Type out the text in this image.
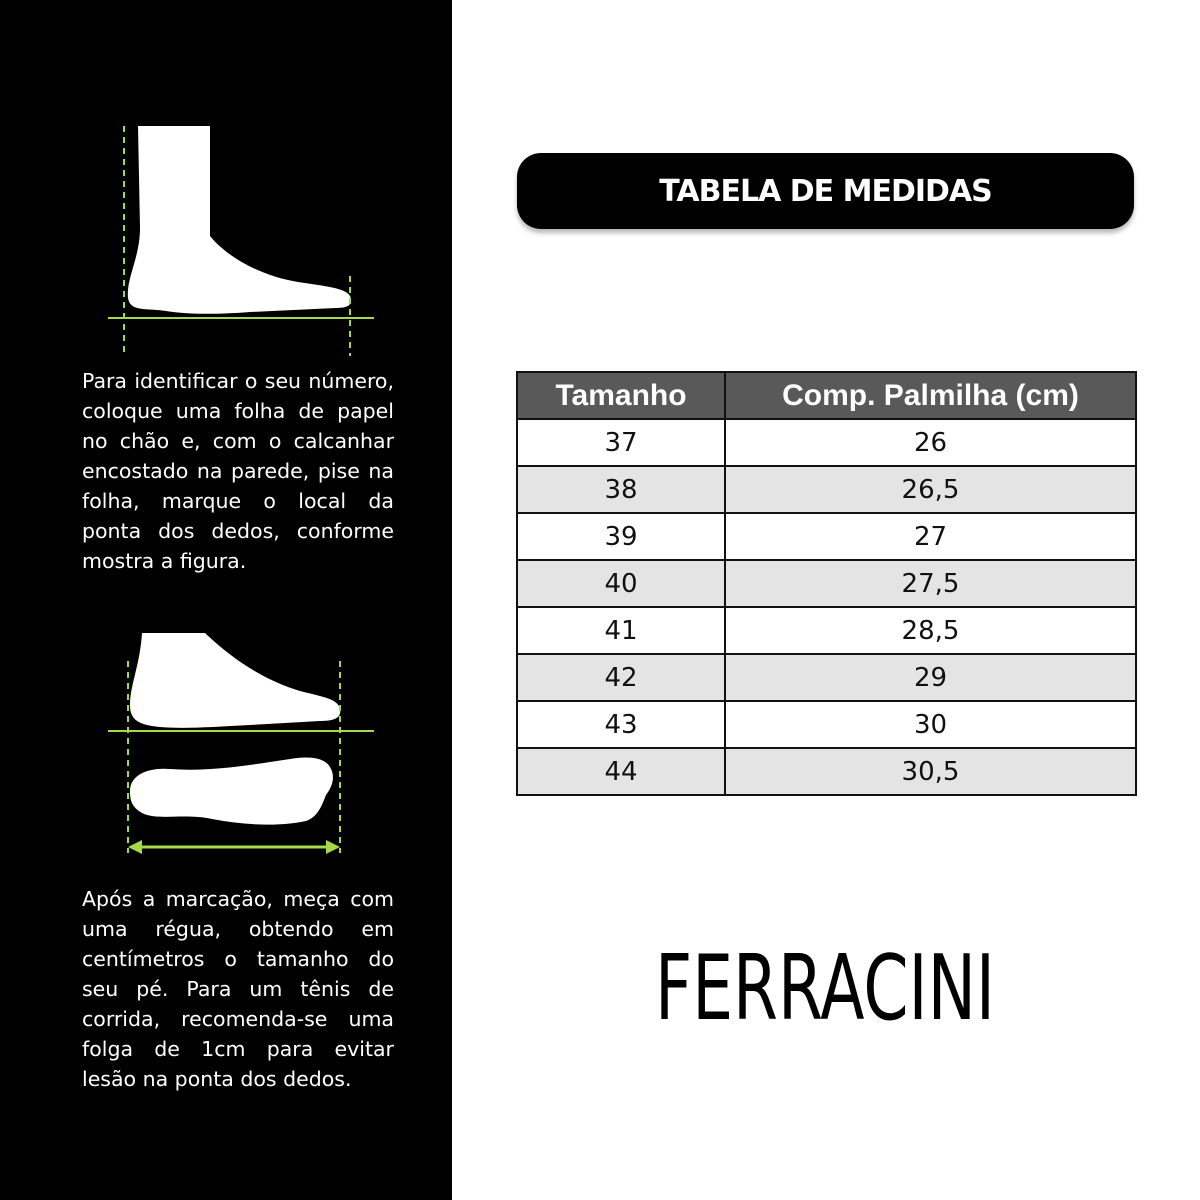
Para identificar o seu número, coloque uma folha de papel no chão e, com o calcanhar encostado na parede, pise na folha, marque o local da ponta dos dedos, conforme mostra a figura.

Após a marcação, meça com uma régua, obtendo em centímetros o tamanho do seu pé. Para um tênis de corrida, recomenda-se uma folga de 1cm para evitar lesão na ponta dos dedos.

TABELA DE MEDIDAS
Tamanho	Comp. Palmilha (cm)
37	26
38	26,5
39	27
40	27,5
41	28,5
42	29
43	30
44	30,5
FERRACINI
